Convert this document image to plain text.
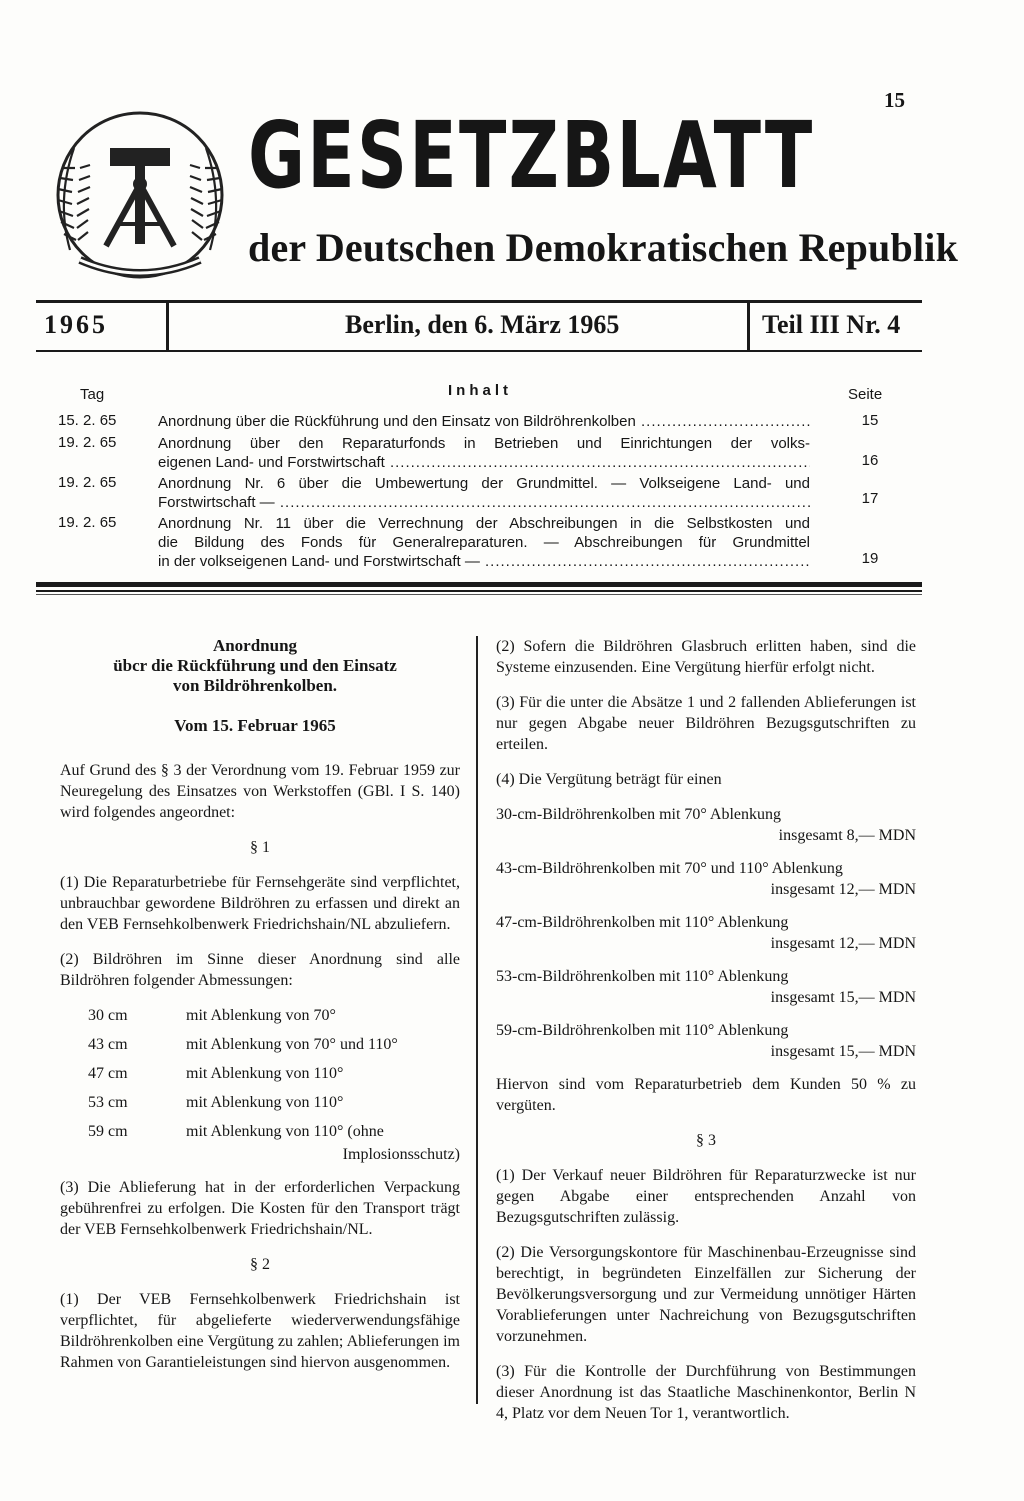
15
GESETZBLATT
der Deutschen Demokratischen Republik
1965	Berlin, den 6. März 1965	Teil III Nr. 4
Tag	Inhalt	Seite
15. 2. 65	Anordnung über die Rückführung und den Einsatz von Bildröhrenkolben .....	15
19. 2. 65	Anordnung über den Reparaturfonds in Betrieben und Einrichtungen der volks-
eigenen Land- und Forstwirtschaft .....	16
19. 2. 65	Anordnung Nr. 6 über die Umbewertung der Grundmittel. — Volkseigene Land- und
Forstwirtschaft — .....	17
19. 2. 65	Anordnung Nr. 11 über die Verrechnung der Abschreibungen in die Selbstkosten und
die Bildung des Fonds für Generalreparaturen. — Abschreibungen für Grundmittel
in der volkseigenen Land- und Forstwirtschaft — .....	19
Anordnung
übcr die Rückführung und den Einsatz
von Bildröhrenkolben.
Vom 15. Februar 1965

Auf Grund des § 3 der Verordnung vom 19. Februar 1959 zur Neuregelung des Einsatzes von Werkstoffen (GBl. I S. 140) wird folgendes angeordnet:

§ 1

(1) Die Reparaturbetriebe für Fernsehgeräte sind verpflichtet, unbrauchbar gewordene Bildröhren zu erfassen und direkt an den VEB Fernsehkolbenwerk Friedrichshain/NL abzuliefern.

(2) Bildröhren im Sinne dieser Anordnung sind alle Bildröhren folgender Abmessungen:

30 cm	mit Ablenkung von 70°
43 cm	mit Ablenkung von 70° und 110°
47 cm	mit Ablenkung von 110°
53 cm	mit Ablenkung von 110°
59 cm	mit Ablenkung von 110° (ohne
Implosionsschutz)

(3) Die Ablieferung hat in der erforderlichen Verpackung gebührenfrei zu erfolgen. Die Kosten für den Transport trägt der VEB Fernsehkolbenwerk Friedrichshain/NL.

§ 2

(1) Der VEB Fernsehkolbenwerk Friedrichshain ist verpflichtet, für abgelieferte wiederverwendungsfähige Bildröhrenkolben eine Vergütung zu zahlen; Ablieferungen im Rahmen von Garantieleistungen sind hiervon ausgenommen.

(2) Sofern die Bildröhren Glasbruch erlitten haben, sind die Systeme einzusenden. Eine Vergütung hierfür erfolgt nicht.

(3) Für die unter die Absätze 1 und 2 fallenden Ablieferungen ist nur gegen Abgabe neuer Bildröhren Bezugsgutschriften zu erteilen.

(4) Die Vergütung beträgt für einen

30-cm-Bildröhrenkolben mit 70° Ablenkung
insgesamt 8,— MDN
43-cm-Bildröhrenkolben mit 70° und 110° Ablenkung
insgesamt 12,— MDN
47-cm-Bildröhrenkolben mit 110° Ablenkung
insgesamt 12,— MDN
53-cm-Bildröhrenkolben mit 110° Ablenkung
insgesamt 15,— MDN
59-cm-Bildröhrenkolben mit 110° Ablenkung
insgesamt 15,— MDN

Hiervon sind vom Reparaturbetrieb dem Kunden 50 % zu vergüten.

§ 3

(1) Der Verkauf neuer Bildröhren für Reparaturzwecke ist nur gegen Abgabe einer entsprechenden Anzahl von Bezugsgutschriften zulässig.

(2) Die Versorgungskontore für Maschinenbau-Erzeugnisse sind berechtigt, in begründeten Einzelfällen zur Sicherung der Bevölkerungsversorgung und zur Vermeidung unnötiger Härten Vorablieferungen unter Nachreichung von Bezugsgutschriften vorzunehmen.

(3) Für die Kontrolle der Durchführung von Bestimmungen dieser Anordnung ist das Staatliche Maschinenkontor, Berlin N 4, Platz vor dem Neuen Tor 1, verantwortlich.
